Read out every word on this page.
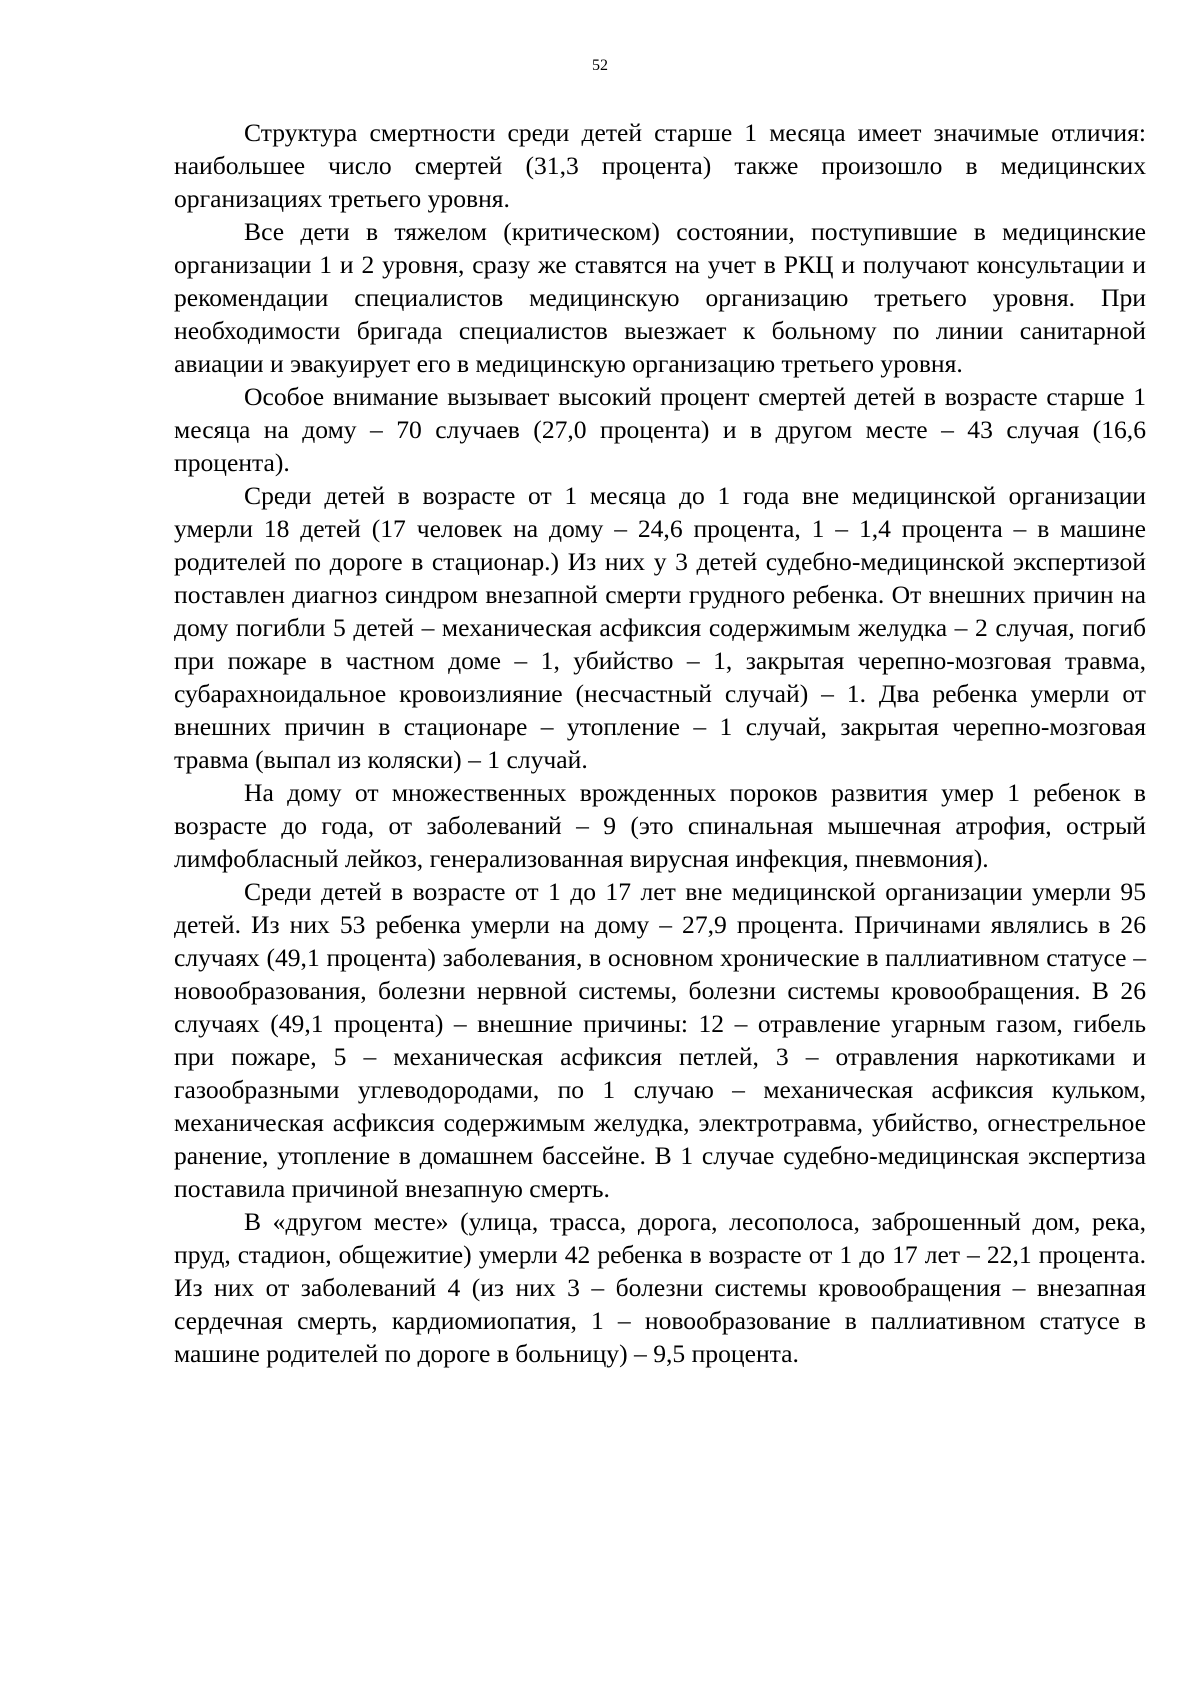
52

Структура смертности среди детей старше 1 месяца имеет значимые отличия: наибольшее число смертей (31,3 процента) также произошло в медицинских организациях третьего уровня.

Все дети в тяжелом (критическом) состоянии, поступившие в медицинские организации 1 и 2 уровня, сразу же ставятся на учет в РКЦ и получают консультации и рекомендации специалистов медицинскую организацию третьего уровня. При необходимости бригада специалистов выезжает к больному по линии санитарной авиации и эвакуирует его в медицинскую организацию третьего уровня.

Особое внимание вызывает высокий процент смертей детей в возрасте старше 1 месяца на дому – 70 случаев (27,0 процента) и в другом месте – 43 случая (16,6 процента).

Среди детей в возрасте от 1 месяца до 1 года вне медицинской организации умерли 18 детей (17 человек на дому – 24,6 процента, 1 – 1,4 процента – в машине родителей по дороге в стационар.) Из них у 3 детей судебно-медицинской экспертизой поставлен диагноз синдром внезапной смерти грудного ребенка. От внешних причин на дому погибли 5 детей – механическая асфиксия содержимым желудка – 2 случая, погиб при пожаре в частном доме – 1, убийство – 1, закрытая черепно-мозговая травма, субарахноидальное кровоизлияние (несчастный случай) – 1. Два ребенка умерли от внешних причин в стационаре – утопление – 1 случай, закрытая черепно-мозговая травма (выпал из коляски) – 1 случай.

На дому от множественных врожденных пороков развития умер 1 ребенок в возрасте до года, от заболеваний – 9 (это спинальная мышечная атрофия, острый лимфобласный лейкоз, генерализованная вирусная инфекция, пневмония).

Среди детей в возрасте от 1 до 17 лет вне медицинской организации умерли 95 детей. Из них 53 ребенка умерли на дому – 27,9 процента. Причинами являлись в 26 случаях (49,1 процента) заболевания, в основном хронические в паллиативном статусе – новообразования, болезни нервной системы, болезни системы кровообращения. В 26 случаях (49,1 процента) – внешние причины: 12 – отравление угарным газом, гибель при пожаре, 5 – механическая асфиксия петлей, 3 – отравления наркотиками и газообразными углеводородами, по 1 случаю – механическая асфиксия кульком, механическая асфиксия содержимым желудка, электротравма, убийство, огнестрельное ранение, утопление в домашнем бассейне. В 1 случае судебно-медицинская экспертиза поставила причиной внезапную смерть.

В «другом месте» (улица, трасса, дорога, лесополоса, заброшенный дом, река, пруд, стадион, общежитие) умерли 42 ребенка в возрасте от 1 до 17 лет – 22,1 процента. Из них от заболеваний 4 (из них 3 – болезни системы кровообращения – внезапная сердечная смерть, кардиомиопатия, 1 – новообразование в паллиативном статусе в машине родителей по дороге в больницу) – 9,5 процента.
